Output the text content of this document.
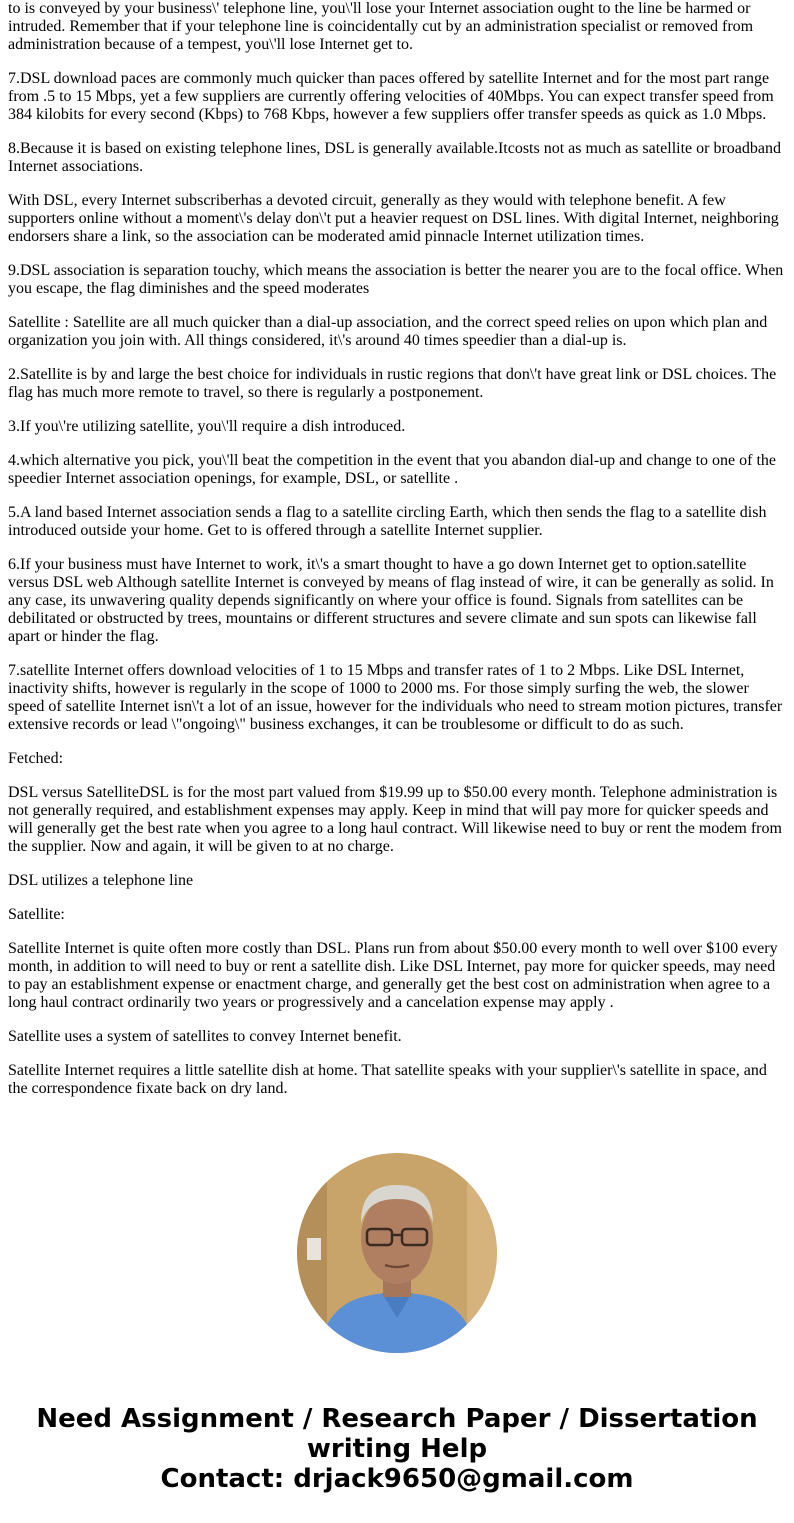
to is conveyed by your business\' telephone line, you\'ll lose your Internet association ought to the line be harmed or intruded. Remember that if your telephone line is coincidentally cut by an administration specialist or removed from administration because of a tempest, you\'ll lose Internet get to.

7.DSL download paces are commonly much quicker than paces offered by satellite Internet and for the most part range from .5 to 15 Mbps, yet a few suppliers are currently offering velocities of 40Mbps. You can expect transfer speed from 384 kilobits for every second (Kbps) to 768 Kbps, however a few suppliers offer transfer speeds as quick as 1.0 Mbps.

8.Because it is based on existing telephone lines, DSL is generally available.Itcosts not as much as satellite or broadband Internet associations.

With DSL, every Internet subscriberhas a devoted circuit, generally as they would with telephone benefit. A few supporters online without a moment\'s delay don\'t put a heavier request on DSL lines. With digital Internet, neighboring endorsers share a link, so the association can be moderated amid pinnacle Internet utilization times.

9.DSL association is separation touchy, which means the association is better the nearer you are to the focal office. When you escape, the flag diminishes and the speed moderates

Satellite : Satellite are all much quicker than a dial-up association, and the correct speed relies on upon which plan and organization you join with. All things considered, it\'s around 40 times speedier than a dial-up is.

2.Satellite is by and large the best choice for individuals in rustic regions that don\'t have great link or DSL choices. The flag has much more remote to travel, so there is regularly a postponement.

3.If you\'re utilizing satellite, you\'ll require a dish introduced.

4.which alternative you pick, you\'ll beat the competition in the event that you abandon dial-up and change to one of the speedier Internet association openings, for example, DSL, or satellite .

5.A land based Internet association sends a flag to a satellite circling Earth, which then sends the flag to a satellite dish introduced outside your home. Get to is offered through a satellite Internet supplier.

6.If your business must have Internet to work, it\'s a smart thought to have a go down Internet get to option.satellite versus DSL web Although satellite Internet is conveyed by means of flag instead of wire, it can be generally as solid. In any case, its unwavering quality depends significantly on where your office is found. Signals from satellites can be debilitated or obstructed by trees, mountains or different structures and severe climate and sun spots can likewise fall apart or hinder the flag.

7.satellite Internet offers download velocities of 1 to 15 Mbps and transfer rates of 1 to 2 Mbps. Like DSL Internet, inactivity shifts, however is regularly in the scope of 1000 to 2000 ms. For those simply surfing the web, the slower speed of satellite Internet isn\'t a lot of an issue, however for the individuals who need to stream motion pictures, transfer extensive records or lead \"ongoing\" business exchanges, it can be troublesome or difficult to do as such.

Fetched:

DSL versus SatelliteDSL is for the most part valued from $19.99 up to $50.00 every month. Telephone administration is not generally required, and establishment expenses may apply. Keep in mind that will pay more for quicker speeds and will generally get the best rate when you agree to a long haul contract. Will likewise need to buy or rent the modem from the supplier. Now and again, it will be given to at no charge.

DSL utilizes a telephone line

Satellite:

Satellite Internet is quite often more costly than DSL. Plans run from about $50.00 every month to well over $100 every month, in addition to will need to buy or rent a satellite dish. Like DSL Internet, pay more for quicker speeds, may need to pay an establishment expense or enactment charge, and generally get the best cost on administration when agree to a long haul contract ordinarily two years or progressively and a cancelation expense may apply .

Satellite uses a system of satellites to convey Internet benefit.

Satellite Internet requires a little satellite dish at home. That satellite speaks with your supplier\'s satellite in space, and the correspondence fixate back on dry land.

Need Assignment / Research Paper / Dissertation writing Help
Contact: drjack9650@gmail.com
